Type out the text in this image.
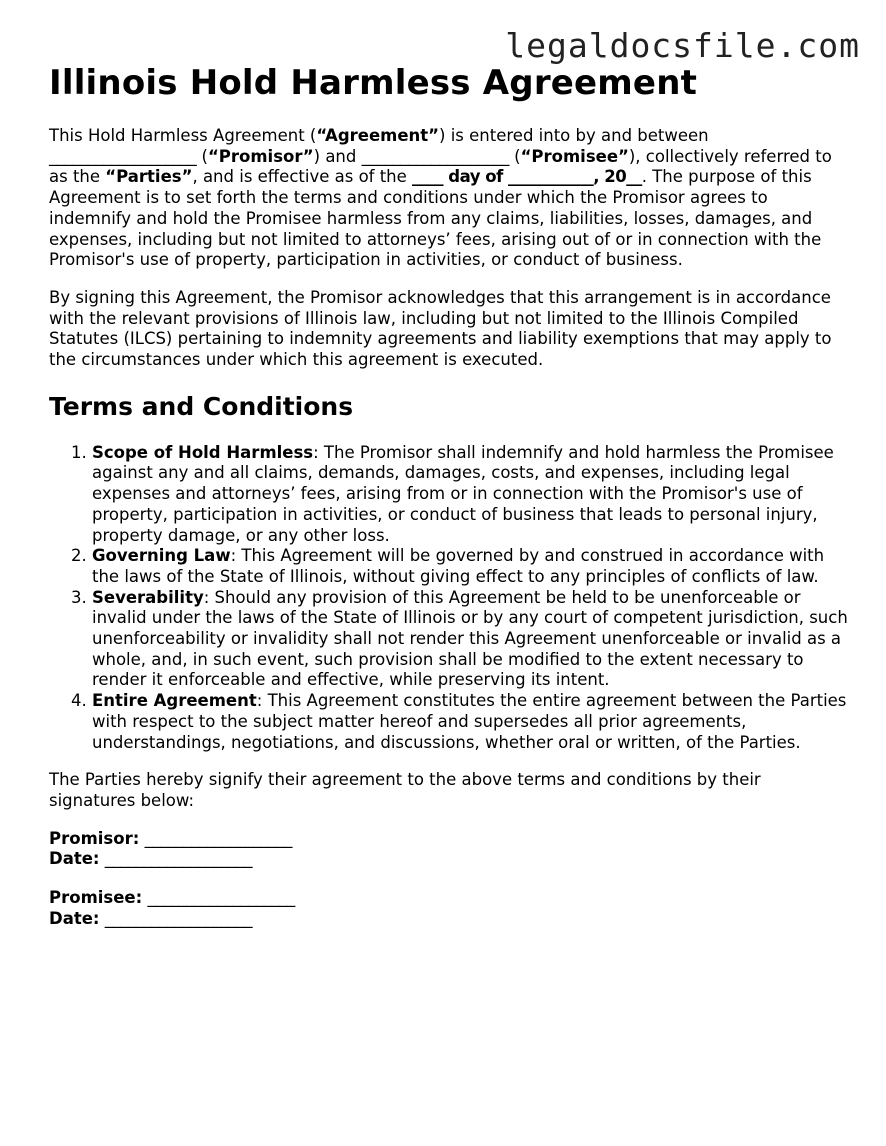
legaldocsfile.com
Illinois Hold Harmless Agreement

This Hold Harmless Agreement (“Agreement”) is entered into by and between
___________________ (“Promisor”) and ___________________ (“Promisee”), collectively referred to as the “Parties”, and is effective as of the ____ day of ___________, 20__. The purpose of this Agreement is to set forth the terms and conditions under which the Promisor agrees to indemnify and hold the Promisee harmless from any claims, liabilities, losses, damages, and expenses, including but not limited to attorneys’ fees, arising out of or in connection with the Promisor's use of property, participation in activities, or conduct of business.

By signing this Agreement, the Promisor acknowledges that this arrangement is in accordance with the relevant provisions of Illinois law, including but not limited to the Illinois Compiled Statutes (ILCS) pertaining to indemnity agreements and liability exemptions that may apply to the circumstances under which this agreement is executed.

Terms and Conditions
1. Scope of Hold Harmless: The Promisor shall indemnify and hold harmless the Promisee against any and all claims, demands, damages, costs, and expenses, including legal expenses and attorneys’ fees, arising from or in connection with the Promisor's use of property, participation in activities, or conduct of business that leads to personal injury, property damage, or any other loss.
2. Governing Law: This Agreement will be governed by and construed in accordance with the laws of the State of Illinois, without giving effect to any principles of conflicts of law.
3. Severability: Should any provision of this Agreement be held to be unenforceable or invalid under the laws of the State of Illinois or by any court of competent jurisdiction, such unenforceability or invalidity shall not render this Agreement unenforceable or invalid as a whole, and, in such event, such provision shall be modified to the extent necessary to render it enforceable and effective, while preserving its intent.
4. Entire Agreement: This Agreement constitutes the entire agreement between the Parties with respect to the subject matter hereof and supersedes all prior agreements, understandings, negotiations, and discussions, whether oral or written, of the Parties.

The Parties hereby signify their agreement to the above terms and conditions by their signatures below:

Promisor: ___________________
Date: ___________________
Promisee: ___________________
Date: ___________________
